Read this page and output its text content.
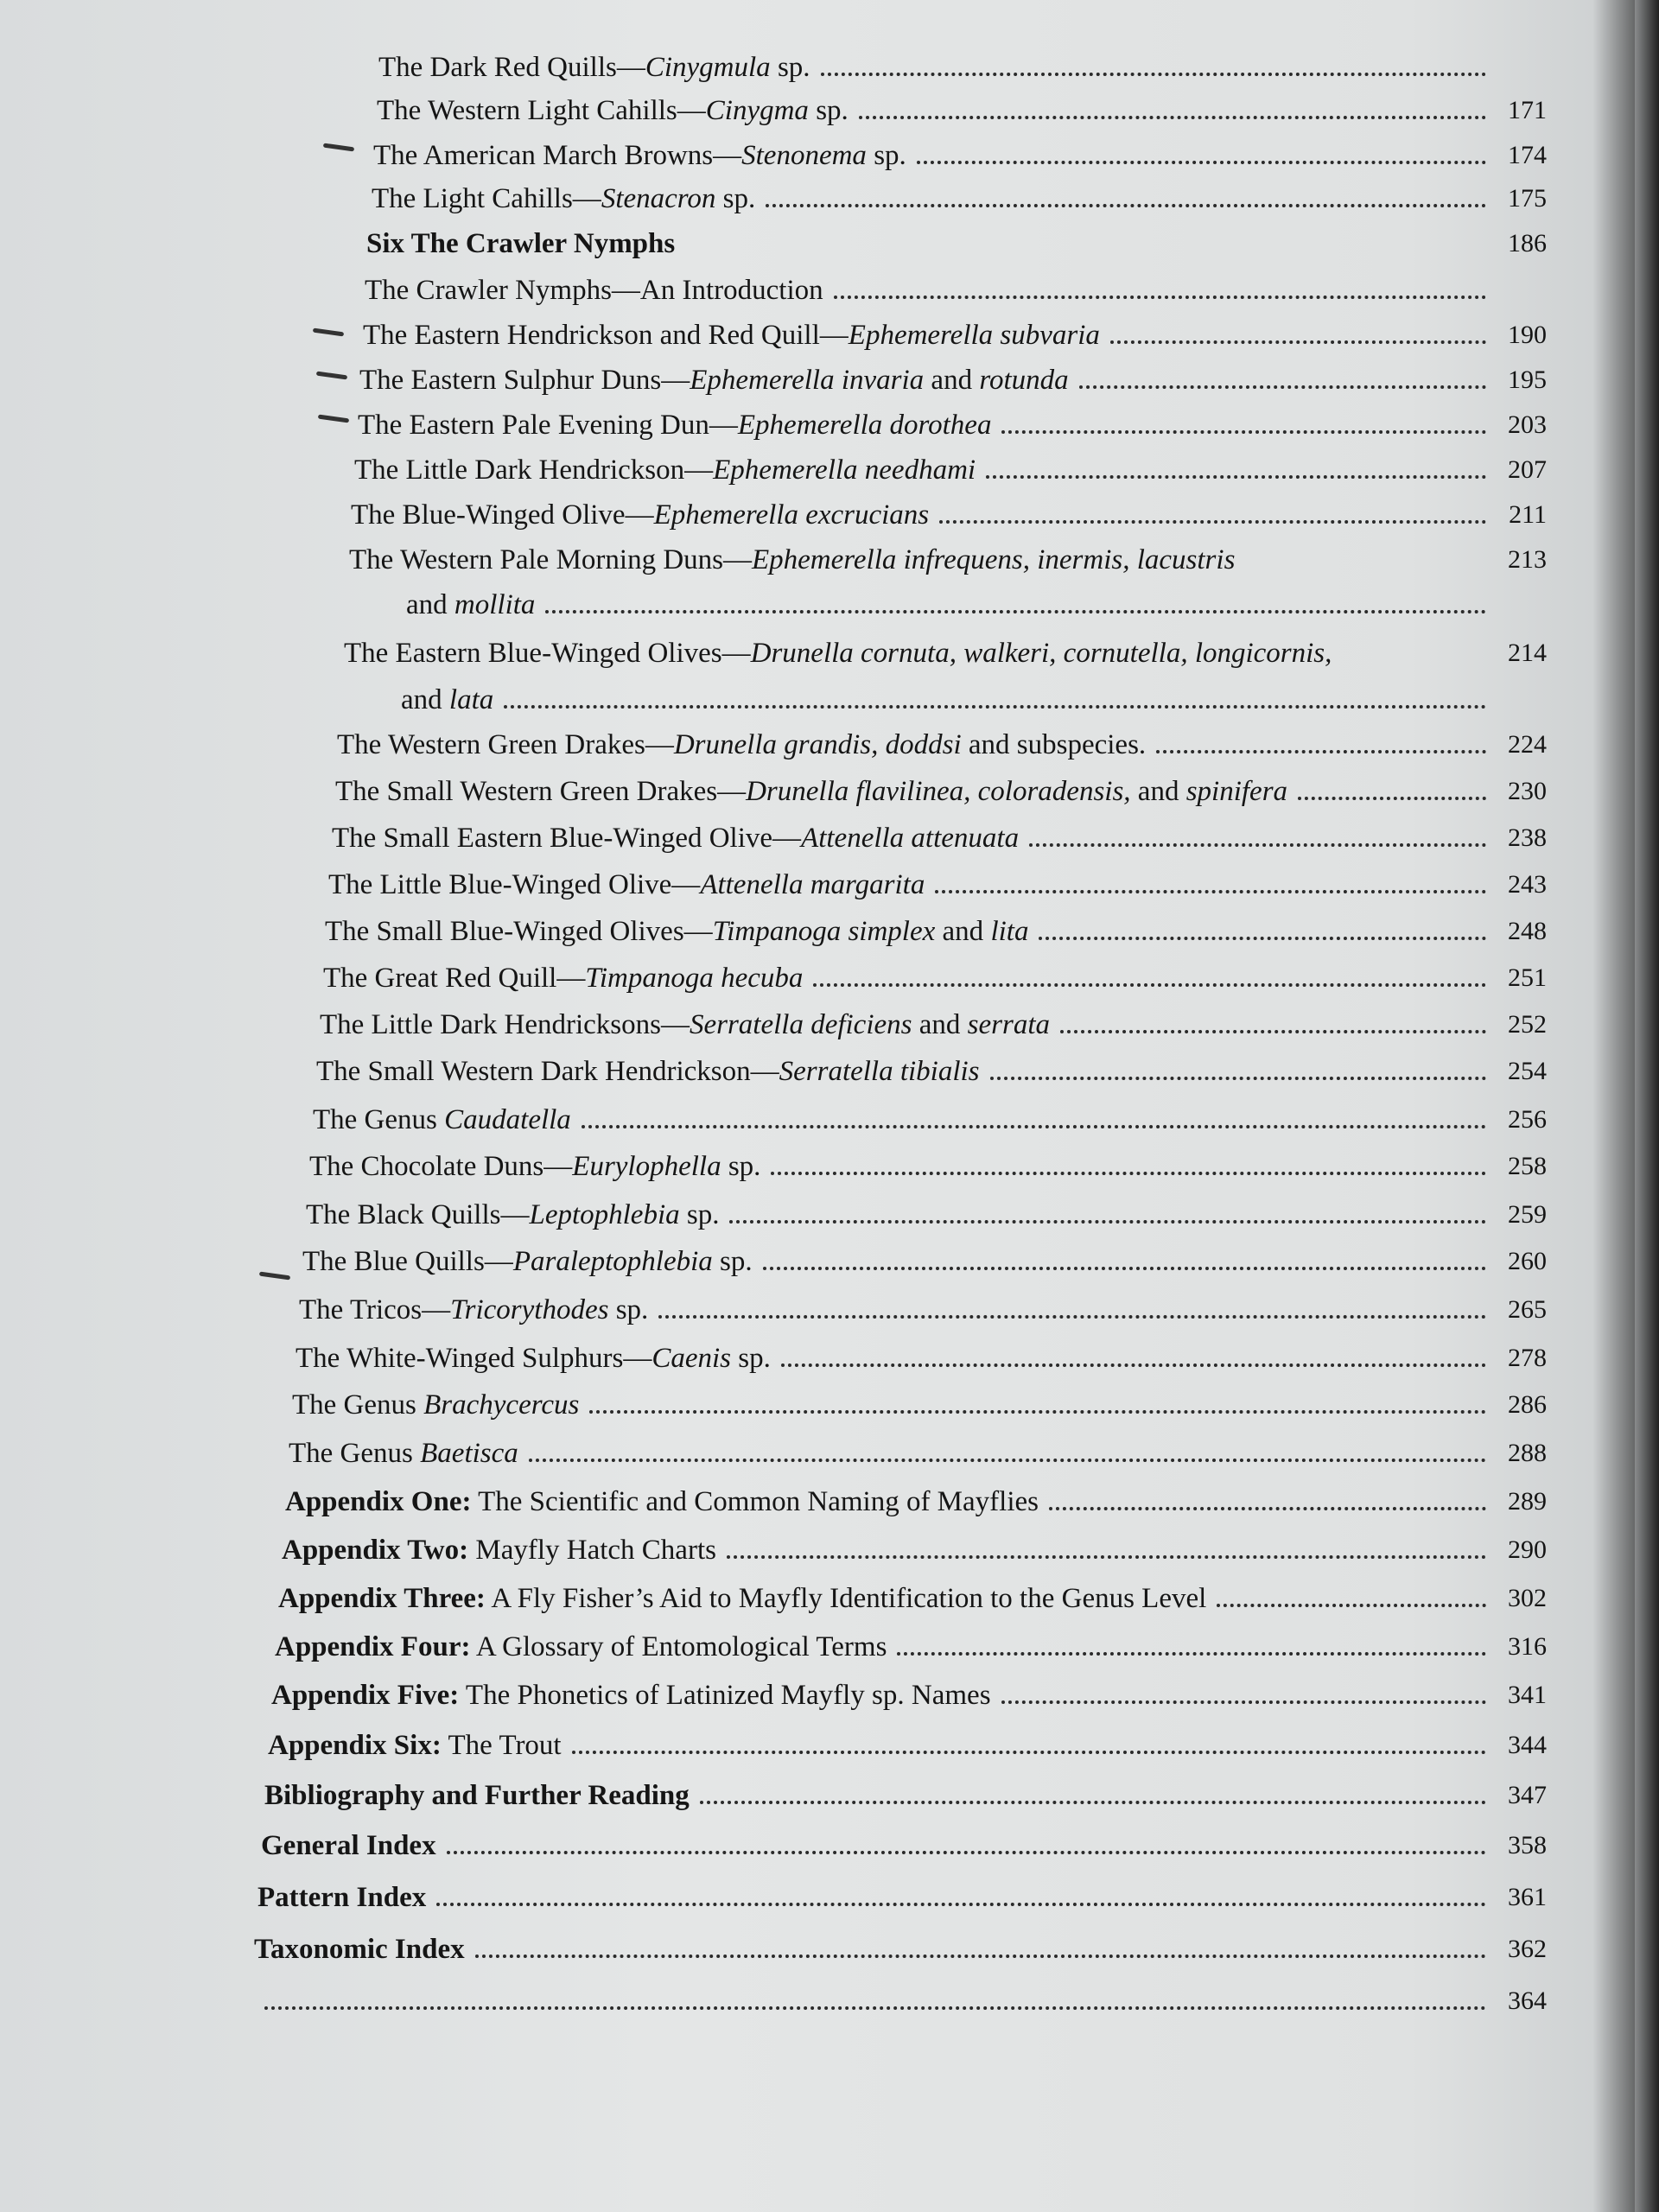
The Dark Red Quills—Cinygmula sp.
The Western Light Cahills—Cinygma sp.	171
The American March Browns—Stenonema sp.	174
The Light Cahills—Stenacron sp.	175
Six The Crawler Nymphs	186
The Crawler Nymphs—An Introduction
The Eastern Hendrickson and Red Quill—Ephemerella subvaria	190
The Eastern Sulphur Duns—Ephemerella invaria and rotunda	195
The Eastern Pale Evening Dun—Ephemerella dorothea	203
The Little Dark Hendrickson—Ephemerella needhami	207
The Blue-Winged Olive—Ephemerella excrucians	211
The Western Pale Morning Duns—Ephemerella infrequens, inermis, lacustris	213
and mollita
The Eastern Blue-Winged Olives—Drunella cornuta, walkeri, cornutella, longicornis,	214
and lata
The Western Green Drakes—Drunella grandis, doddsi and subspecies.	224
The Small Western Green Drakes—Drunella flavilinea, coloradensis, and spinifera	230
The Small Eastern Blue-Winged Olive—Attenella attenuata	238
The Little Blue-Winged Olive—Attenella margarita	243
The Small Blue-Winged Olives—Timpanoga simplex and lita	248
The Great Red Quill—Timpanoga hecuba	251
The Little Dark Hendricksons—Serratella deficiens and serrata	252
The Small Western Dark Hendrickson—Serratella tibialis	254
The Genus Caudatella	256
The Chocolate Duns—Eurylophella sp.	258
The Black Quills—Leptophlebia sp.	259
The Blue Quills—Paraleptophlebia sp.	260
The Tricos—Tricorythodes sp.	265
The White-Winged Sulphurs—Caenis sp.	278
The Genus Brachycercus	286
The Genus Baetisca	288
Appendix One: The Scientific and Common Naming of Mayflies	289
Appendix Two: Mayfly Hatch Charts	290
Appendix Three: A Fly Fisher’s Aid to Mayfly Identification to the Genus Level	302
Appendix Four: A Glossary of Entomological Terms	316
Appendix Five: The Phonetics of Latinized Mayfly sp. Names	341
Appendix Six: The Trout	344
Bibliography and Further Reading	347
General Index	358
Pattern Index	361
Taxonomic Index	362
364
